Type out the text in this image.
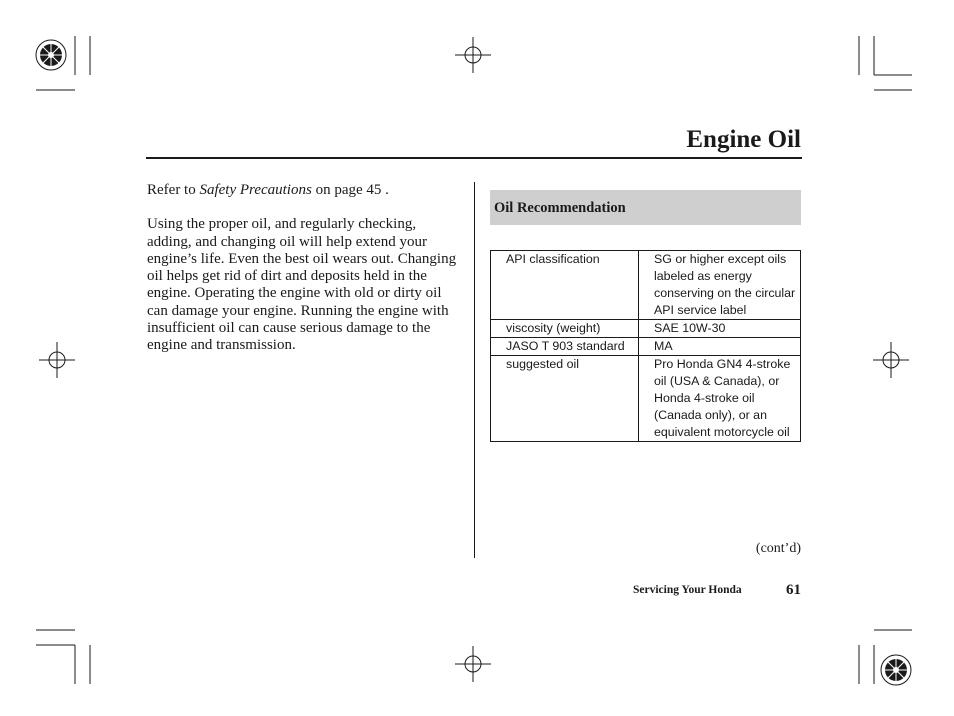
Engine Oil

Refer to Safety Precautions on page 45 .

Using the proper oil, and regularly checking, adding, and changing oil will help extend your engine’s life. Even the best oil wears out. Changing oil helps get rid of dirt and deposits held in the engine. Operating the engine with old or dirty oil can damage your engine. Running the engine with insufficient oil can cause serious damage to the engine and transmission.

Oil Recommendation
API classification	SG or higher except oils labeled as energy conserving on the circular API service label
viscosity (weight)	SAE 10W-30
JASO T 903 standard	MA
suggested oil	Pro Honda GN4 4-stroke oil (USA & Canada), or Honda 4-stroke oil (Canada only), or an equivalent motorcycle oil
(cont’d)
Servicing Your Honda	61
